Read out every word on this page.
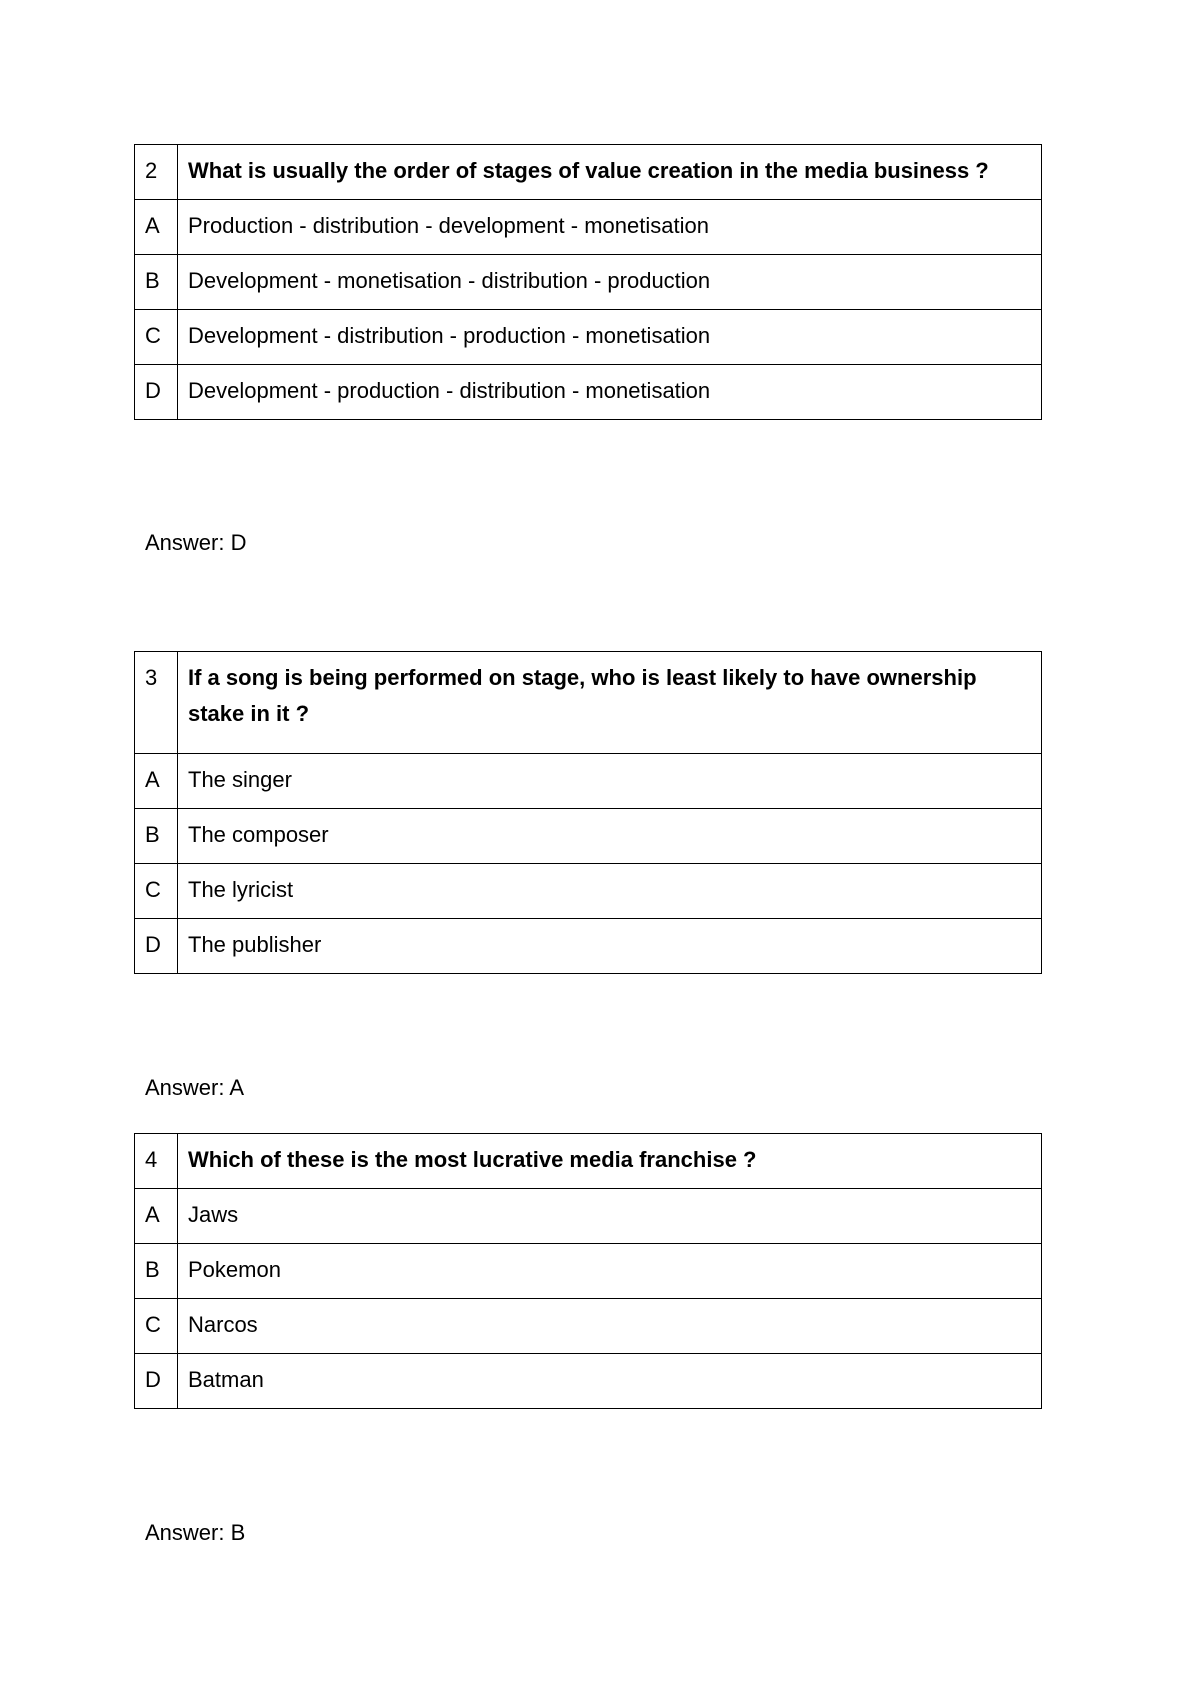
2	What is usually the order of stages of value creation in the media business ?
A	Production - distribution - development - monetisation
B	Development - monetisation - distribution - production
C	Development - distribution - production - monetisation
D	Development - production - distribution - monetisation
Answer: D
3	If a song is being performed on stage, who is least likely to have ownership stake in it ?
A	The singer
B	The composer
C	The lyricist
D	The publisher
Answer: A
4	Which of these is the most lucrative media franchise ?
A	Jaws
B	Pokemon
C	Narcos
D	Batman
Answer: B
